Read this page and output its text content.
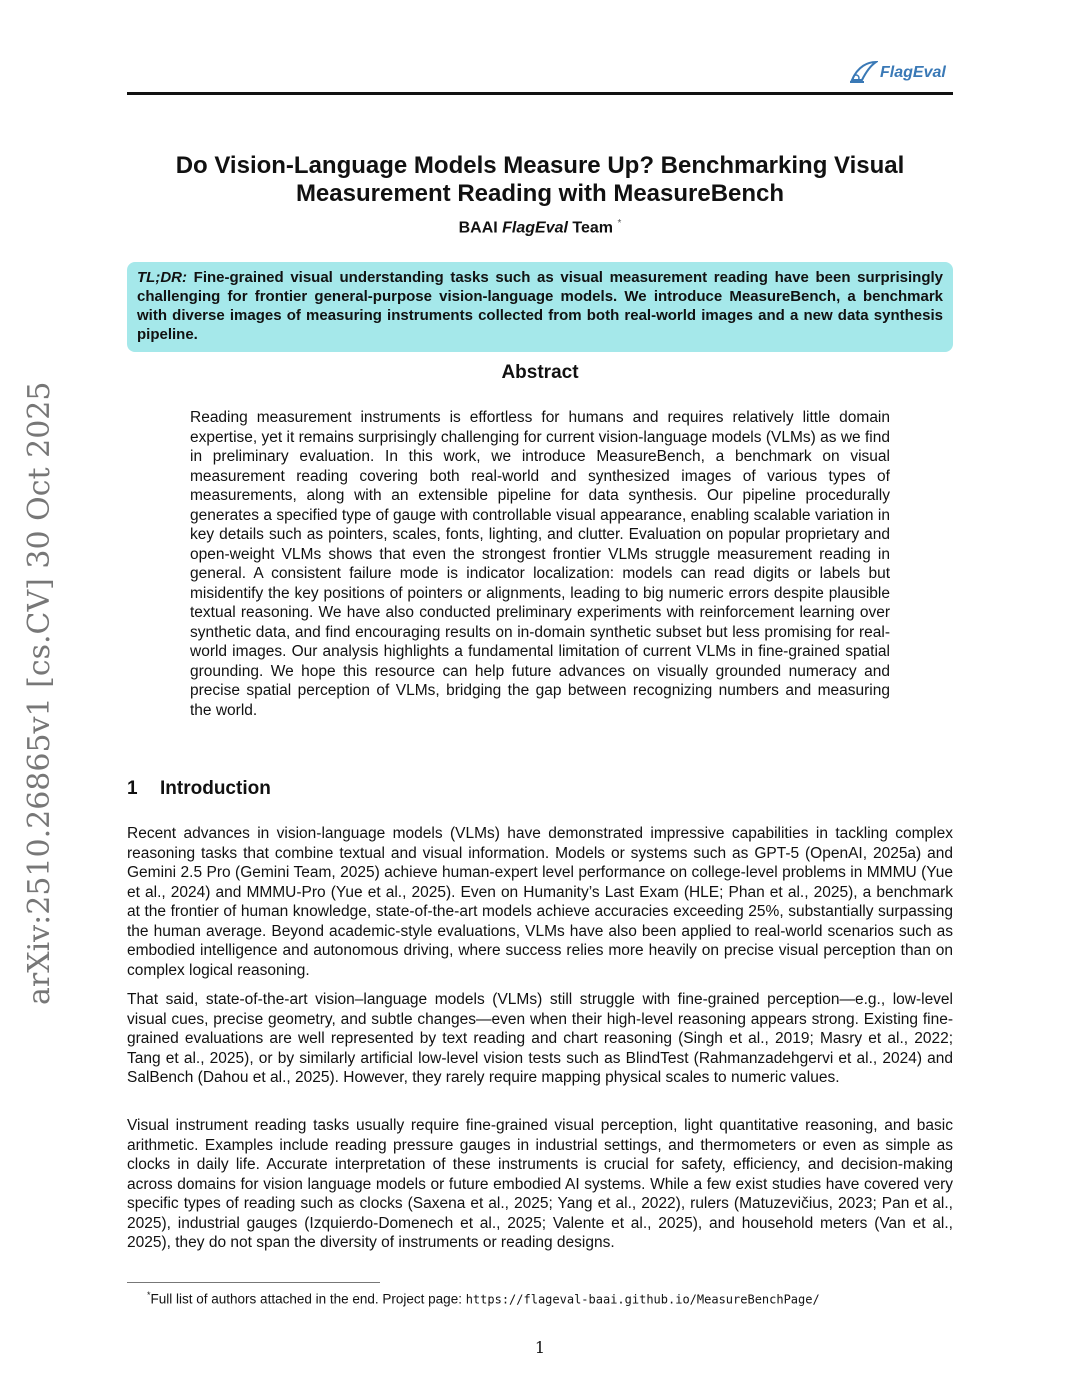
FlagEval
arXiv:2510.26865v1 [cs.CV] 30 Oct 2025
Do Vision-Language Models Measure Up? Benchmarking Visual
Measurement Reading with MeasureBench
BAAI FlagEval Team *
TL;DR: Fine-grained visual understanding tasks such as visual measurement reading have been surprisingly challenging for frontier general-purpose vision-language models. We introduce MeasureBench, a benchmark with diverse images of measuring instruments collected from both real-world images and a new data synthesis pipeline.
Abstract
Reading measurement instruments is effortless for humans and requires relatively little domain expertise, yet it remains surprisingly challenging for current vision-language models (VLMs) as we find in preliminary evaluation. In this work, we introduce MeasureBench, a benchmark on visual measurement reading covering both real-world and synthesized images of various types of measurements, along with an extensible pipeline for data synthesis. Our pipeline procedurally generates a specified type of gauge with controllable visual appearance, enabling scalable variation in key details such as pointers, scales, fonts, lighting, and clutter. Evaluation on popular proprietary and open-weight VLMs shows that even the strongest frontier VLMs struggle measurement reading in general. A consistent failure mode is indicator localization: models can read digits or labels but misidentify the key positions of pointers or alignments, leading to big numeric errors despite plausible textual reasoning. We have also conducted preliminary experiments with reinforcement learning over synthetic data, and find encouraging results on in-domain synthetic subset but less promising for real-world images. Our analysis highlights a fundamental limitation of current VLMs in fine-grained spatial grounding. We hope this resource can help future advances on visually grounded numeracy and precise spatial perception of VLMs, bridging the gap between recognizing numbers and measuring the world.
1 Introduction

Recent advances in vision-language models (VLMs) have demonstrated impressive capabilities in tackling complex reasoning tasks that combine textual and visual information. Models or systems such as GPT-5 (OpenAI, 2025a) and Gemini 2.5 Pro (Gemini Team, 2025) achieve human-expert level performance on college-level problems in MMMU (Yue et al., 2024) and MMMU-Pro (Yue et al., 2025). Even on Humanity’s Last Exam (HLE; Phan et al., 2025), a benchmark at the frontier of human knowledge, state-of-the-art models achieve accuracies exceeding 25%, substantially surpassing the human average. Beyond academic-style evaluations, VLMs have also been applied to real-world scenarios such as embodied intelligence and autonomous driving, where success relies more heavily on precise visual perception than on complex logical reasoning.

That said, state-of-the-art vision–language models (VLMs) still struggle with fine-grained perception—e.g., low-level visual cues, precise geometry, and subtle changes—even when their high-level reasoning appears strong. Existing fine-grained evaluations are well represented by text reading and chart reasoning (Singh et al., 2019; Masry et al., 2022; Tang et al., 2025), or by similarly artificial low-level vision tests such as BlindTest (Rahmanzadehgervi et al., 2024) and SalBench (Dahou et al., 2025). However, they rarely require mapping physical scales to numeric values.

Visual instrument reading tasks usually require fine-grained visual perception, light quantitative reasoning, and basic arithmetic. Examples include reading pressure gauges in industrial settings, and thermometers or even as simple as clocks in daily life. Accurate interpretation of these instruments is crucial for safety, efficiency, and decision-making across domains for vision language models or future embodied AI systems. While a few exist studies have covered very specific types of reading such as clocks (Saxena et al., 2025; Yang et al., 2022), rulers (Matuzevičius, 2023; Pan et al., 2025), industrial gauges (Izquierdo-Domenech et al., 2025; Valente et al., 2025), and household meters (Van et al., 2025), they do not span the diversity of instruments or reading designs.

*Full list of authors attached in the end. Project page: https://flageval-baai.github.io/MeasureBenchPage/
1
